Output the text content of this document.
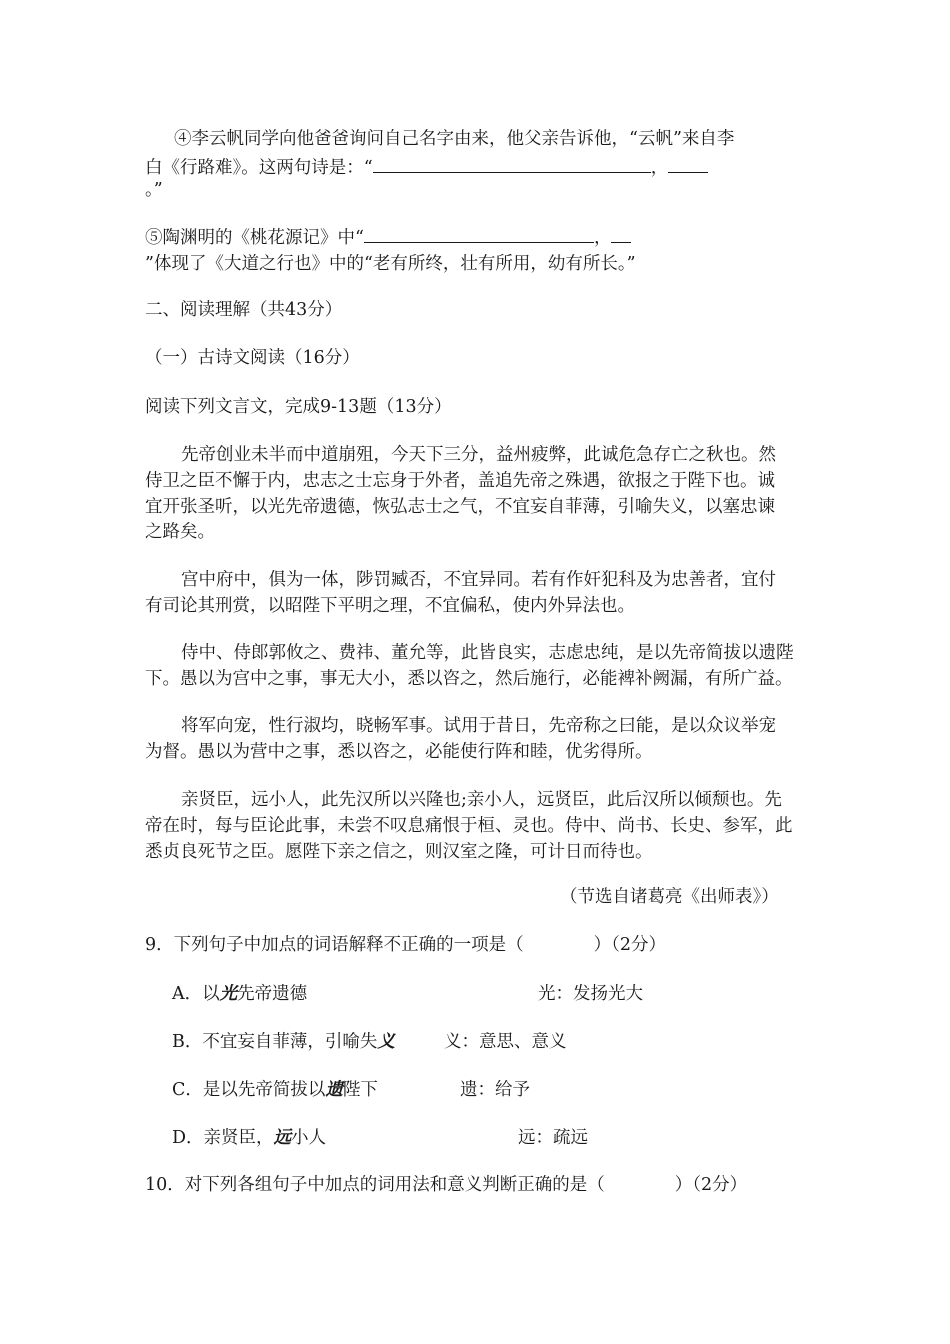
④李云帆同学向他爸爸询问自己名字由来，他父亲告诉他，“云帆”来自李
白《行路难》。这两句诗是：“	，
。”
⑤陶渊明的《桃花源记》中“	，
”体现了《大道之行也》中的“老有所终，壮有所用，幼有所长。”
二、阅读理解（共43分）
（一）古诗文阅读（16分）
阅读下列文言文，完成9-13题（13分）
先帝创业未半而中道崩殂，今天下三分，益州疲弊，此诚危急存亡之秋也。然
侍卫之臣不懈于内，忠志之士忘身于外者，盖追先帝之殊遇，欲报之于陛下也。诚
宜开张圣听，以光先帝遗德，恢弘志士之气，不宜妄自菲薄，引喻失义，以塞忠谏
之路矣。
宫中府中，俱为一体，陟罚臧否，不宜异同。若有作奸犯科及为忠善者，宜付
有司论其刑赏，以昭陛下平明之理，不宜偏私，使内外异法也。
侍中、侍郎郭攸之、费祎、董允等，此皆良实，志虑忠纯，是以先帝简拔以遗陛
下。愚以为宫中之事，事无大小，悉以咨之，然后施行，必能裨补阙漏，有所广益。
将军向宠，性行淑均，晓畅军事。试用于昔日，先帝称之曰能，是以众议举宠
为督。愚以为营中之事，悉以咨之，必能使行阵和睦，优劣得所。
亲贤臣，远小人，此先汉所以兴隆也;亲小人，远贤臣，此后汉所以倾颓也。先
帝在时，每与臣论此事，未尝不叹息痛恨于桓、灵也。侍中、尚书、长史、参军，此
悉贞良死节之臣。愿陛下亲之信之，则汉室之隆，可计日而待也。
（节选自诸葛亮《出师表》）
9．下列句子中加点的词语解释不正确的一项是（　　　　）（2分）
A．以光先帝遗德	光：发扬光大
B．不宜妄自菲薄，引喻失义	义：意思、意义
C．是以先帝简拔以遗陛下	遗：给予
D．亲贤臣，远小人	远：疏远
10．对下列各组句子中加点的词用法和意义判断正确的是（　　　　）（2分）
